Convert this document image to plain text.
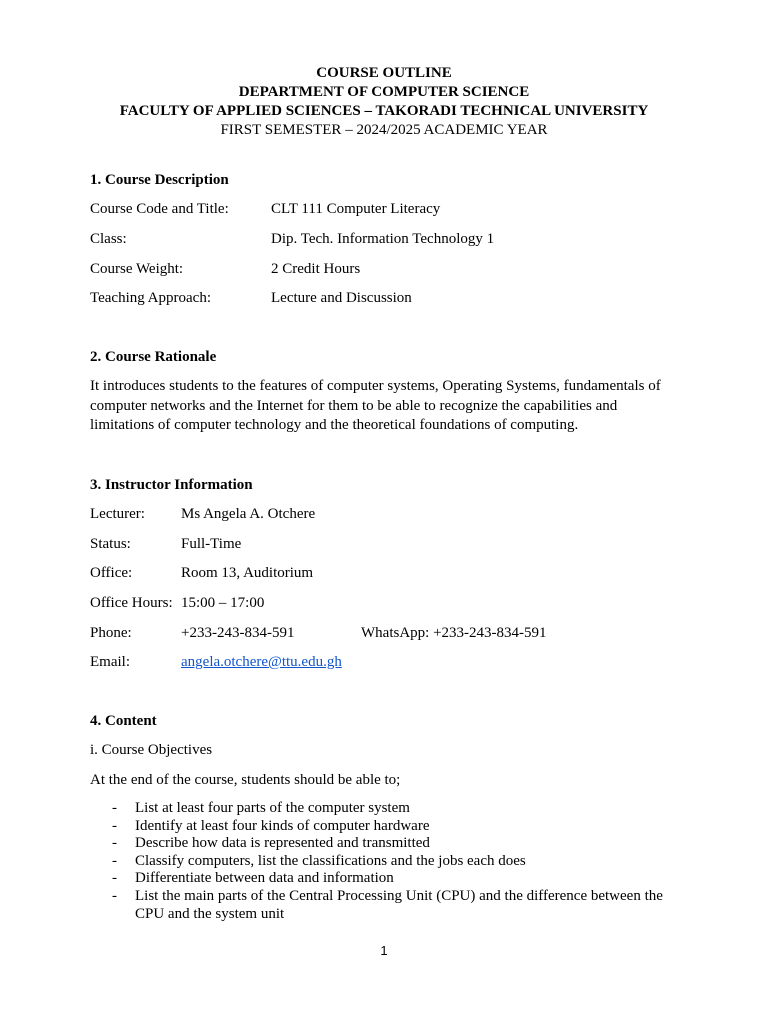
COURSE OUTLINE
DEPARTMENT OF COMPUTER SCIENCE
FACULTY OF APPLIED SCIENCES – TAKORADI TECHNICAL UNIVERSITY
FIRST SEMESTER – 2024/2025 ACADEMIC YEAR
1. Course Description
Course Code and Title:	CLT 111 Computer Literacy
Class:	Dip. Tech. Information Technology 1
Course Weight:	2 Credit Hours
Teaching Approach:	Lecture and Discussion
2. Course Rationale
It introduces students to the features of computer systems, Operating Systems, fundamentals of computer networks and the Internet for them to be able to recognize the capabilities and limitations of computer technology and the theoretical foundations of computing.
3. Instructor Information
Lecturer: Ms Angela A. Otchere
Status:	Full-Time
Office:	Room 13, Auditorium
Office Hours: 15:00 – 17:00
Phone:	+233-243-834-591	WhatsApp: +233-243-834-591
Email:	angela.otchere@ttu.edu.gh
4. Content
i. Course Objectives
At the end of the course, students should be able to;
- List at least four parts of the computer system
- Identify at least four kinds of computer hardware
- Describe how data is represented and transmitted
- Classify computers, list the classifications and the jobs each does
- Differentiate between data and information
- List the main parts of the Central Processing Unit (CPU) and the difference between the CPU and the system unit
1
